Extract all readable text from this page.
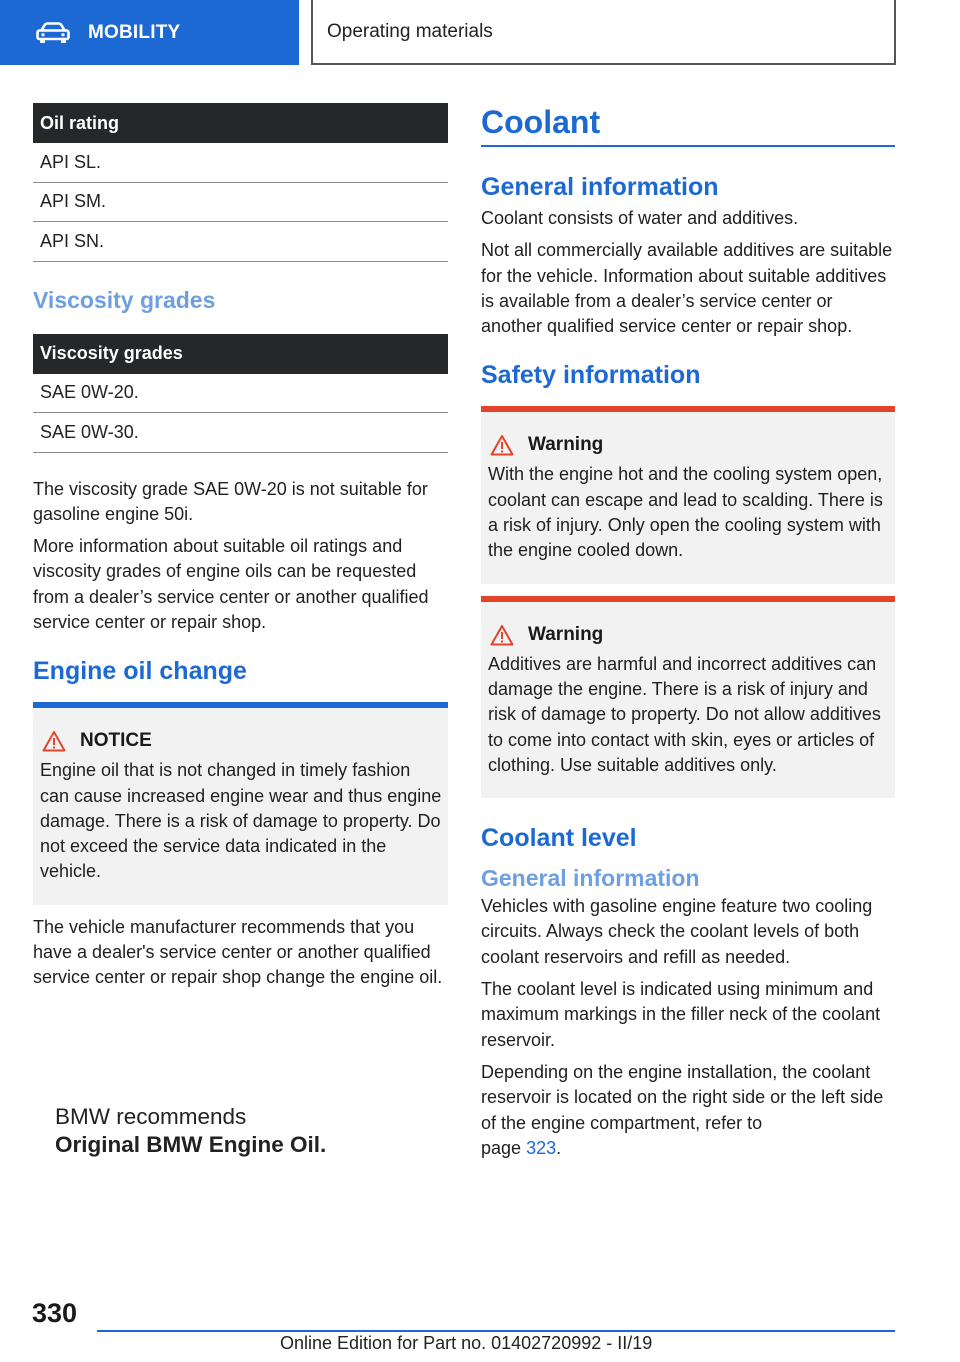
MOBILITY	Operating materials
Oil rating
API SL.
API SM.
API SN.
Viscosity grades
Viscosity grades
SAE 0W-20.
SAE 0W-30.

The viscosity grade SAE 0W-20 is not suitable for gasoline engine 50i.

More information about suitable oil ratings and viscosity grades of engine oils can be requested from a dealer’s service center or another qualified service center or repair shop.

Engine oil change
NOTICE

Engine oil that is not changed in timely fashion can cause increased engine wear and thus engine damage. There is a risk of damage to property. Do not exceed the service data indicated in the vehicle.

The vehicle manufacturer recommends that you have a dealer's service center or another qualified service center or repair shop change the engine oil.

BMW recommends
Original BMW Engine Oil.
Coolant
General information

Coolant consists of water and additives.

Not all commercially available additives are suitable for the vehicle. Information about suitable additives is available from a dealer’s service center or another qualified service center or repair shop.

Safety information
Warning

With the engine hot and the cooling system open, coolant can escape and lead to scalding. There is a risk of injury. Only open the cooling system with the engine cooled down.

Warning

Additives are harmful and incorrect additives can damage the engine. There is a risk of injury and risk of damage to property. Do not allow additives to come into contact with skin, eyes or articles of clothing. Use suitable additives only.

Coolant level
General information

Vehicles with gasoline engine feature two cooling circuits. Always check the coolant levels of both coolant reservoirs and refill as needed.

The coolant level is indicated using minimum and maximum markings in the filler neck of the coolant reservoir.

Depending on the engine installation, the coolant reservoir is located on the right side or the left side of the engine compartment, refer to
page 323.

330
Online Edition for Part no. 01402720992 - II/19
